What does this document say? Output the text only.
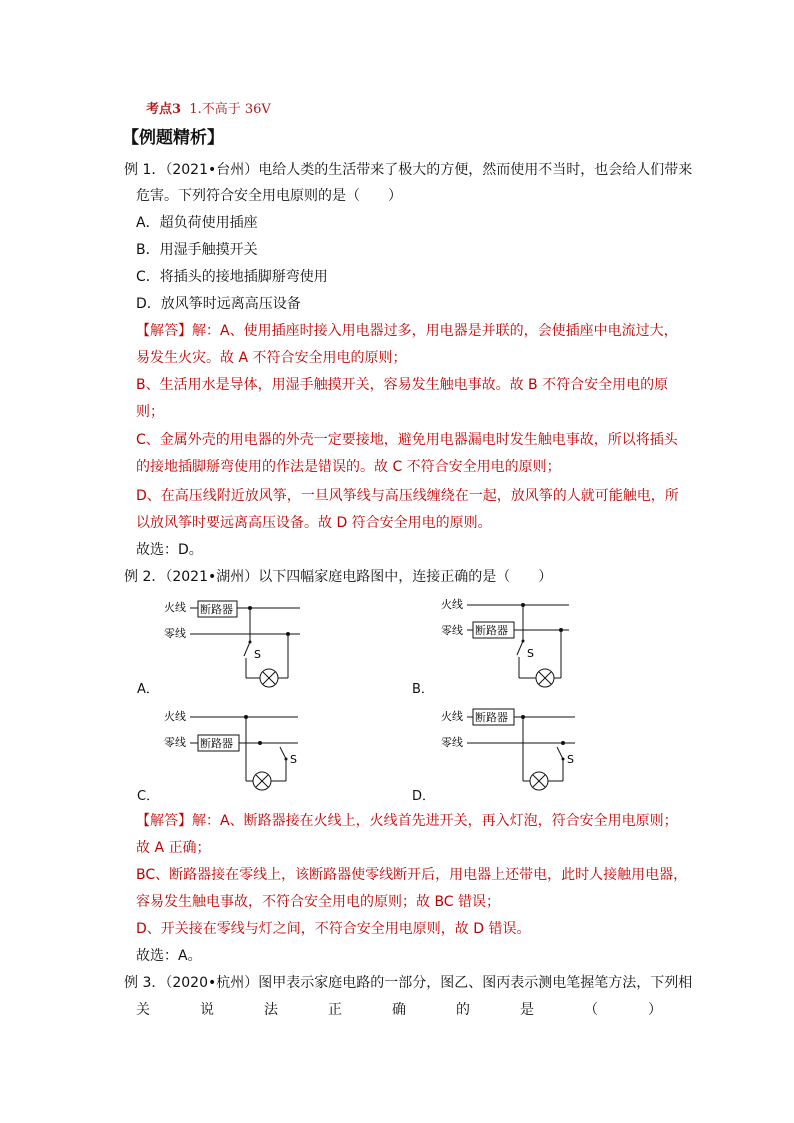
考点3 1.不高于 36V
【例题精析】
例 1．（2021•台州）电给人类的生活带来了极大的方便，然而使用不当时，也会给人们带来
危害。下列符合安全用电原则的是（　　）
A．超负荷使用插座
B．用湿手触摸开关
C．将插头的接地插脚掰弯使用
D．放风筝时远离高压设备
【解答】解：A、使用插座时接入用电器过多，用电器是并联的，会使插座中电流过大，
易发生火灾。故 A 不符合安全用电的原则；
B、生活用水是导体，用湿手触摸开关，容易发生触电事故。故 B 不符合安全用电的原
则；
C、金属外壳的用电器的外壳一定要接地，避免用电器漏电时发生触电事故，所以将插头
的接地插脚掰弯使用的作法是错误的。故 C 不符合安全用电的原则；
D、在高压线附近放风筝，一旦风筝线与高压线缠绕在一起，放风筝的人就可能触电，所
以放风筝时要远离高压设备。故 D 符合安全用电的原则。
故选：D。
例 2．（2021•湖州）以下四幅家庭电路图中，连接正确的是（　　）
火线
零线
断路器
S
A．
火线
零线 断路器
S
B．
火线
零线 断路器
S
C．
火线
零线
断路器
S
D．
【解答】解：A、断路器接在火线上，火线首先进开关，再入灯泡，符合安全用电原则；
故 A 正确；
BC、断路器接在零线上，该断路器使零线断开后，用电器上还带电，此时人接触用电器，
容易发生触电事故，不符合安全用电的原则；故 BC 错误；
D、开关接在零线与灯之间，不符合安全用电原则，故 D 错误。
故选：A。
例 3．（2020•杭州）图甲表示家庭电路的一部分，图乙、图丙表示测电笔握笔方法，下列相
关	说	法	正	确	的	是	（	）
